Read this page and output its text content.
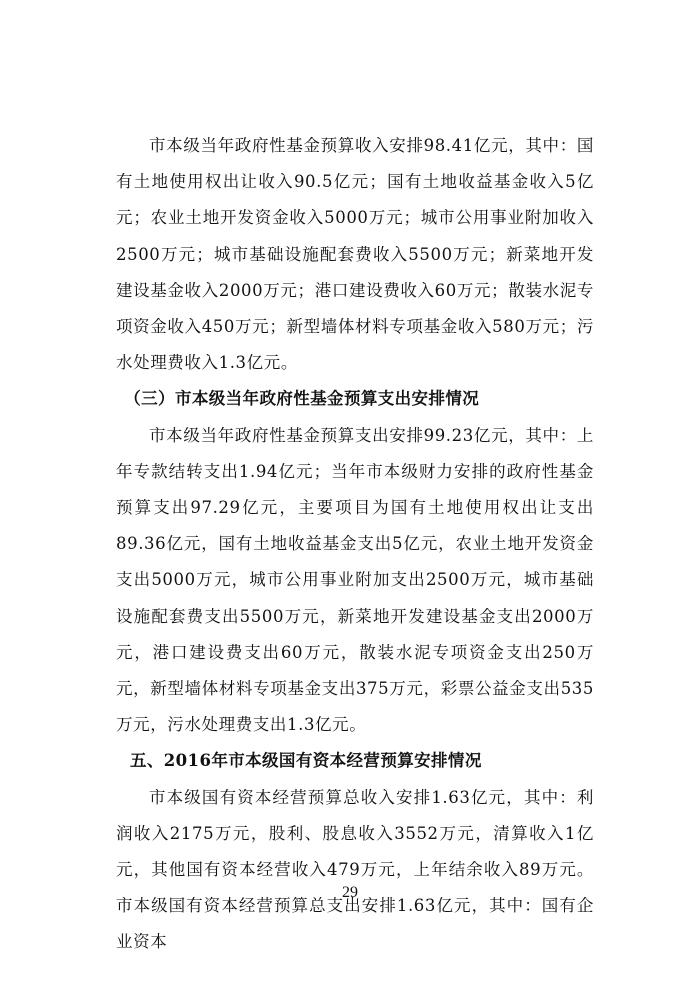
市本级当年政府性基金预算收入安排98.41亿元，其中：国有土地使用权出让收入90.5亿元；国有土地收益基金收入5亿元；农业土地开发资金收入5000万元；城市公用事业附加收入2500万元；城市基础设施配套费收入5500万元；新菜地开发建设基金收入2000万元；港口建设费收入60万元；散装水泥专项资金收入450万元；新型墙体材料专项基金收入580万元；污水处理费收入1.3亿元。

（三）市本级当年政府性基金预算支出安排情况

市本级当年政府性基金预算支出安排99.23亿元，其中：上年专款结转支出1.94亿元；当年市本级财力安排的政府性基金预算支出97.29亿元，主要项目为国有土地使用权出让支出89.36亿元，国有土地收益基金支出5亿元，农业土地开发资金支出5000万元，城市公用事业附加支出2500万元，城市基础设施配套费支出5500万元，新菜地开发建设基金支出2000万元，港口建设费支出60万元，散装水泥专项资金支出250万元，新型墙体材料专项基金支出375万元，彩票公益金支出535万元，污水处理费支出1.3亿元。

五、2016年市本级国有资本经营预算安排情况

市本级国有资本经营预算总收入安排1.63亿元，其中：利润收入2175万元，股利、股息收入3552万元，清算收入1亿元，其他国有资本经营收入479万元，上年结余收入89万元。市本级国有资本经营预算总支出安排1.63亿元，其中：国有企业资本

29
